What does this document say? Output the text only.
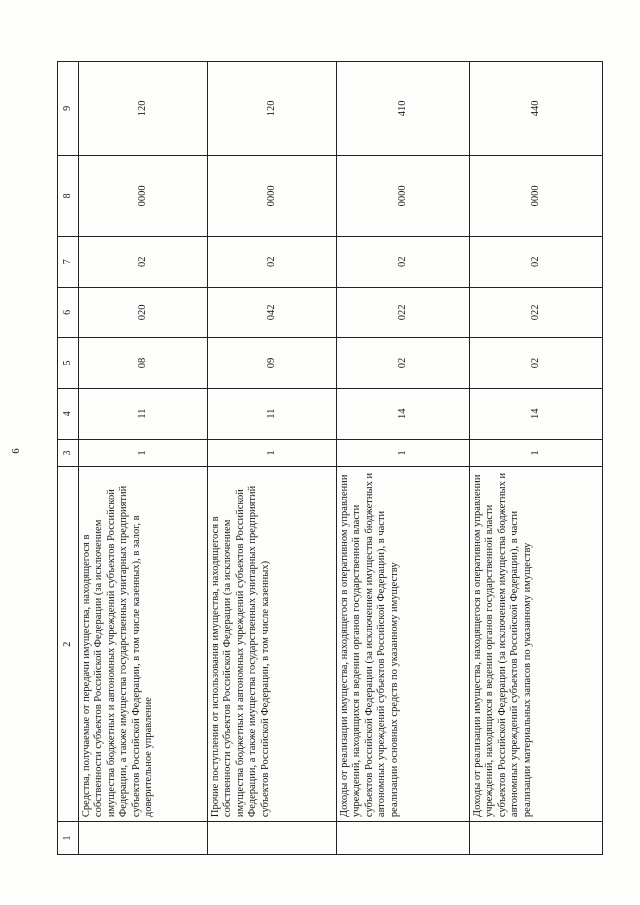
6
1	2	3	4	5	6	7	8	9
	Средства, получаемые от передачи имущества, находящегося в собственности субъектов Российской Федерации (за исключением имущества бюджетных и автономных учреждений субъектов Российской Федерации, а также имущества государственных унитарных предприятий субъектов Российской Федерации, в том числе казенных), в залог, в доверительное управление	1	11	08	020	02	0000	120
	Прочие поступления от использования имущества, находящегося в собственности субъектов Российской Федерации (за исключением имущества бюджетных и автономных учреждений субъектов Российской Федерации, а также имущества государственных унитарных предприятий субъектов Российской Федерации, в том числе казенных)	1	11	09	042	02	0000	120
	Доходы от реализации имущества, находящегося в оперативном управлении учреждений, находящихся в ведении органов государственной власти субъектов Российской Федерации (за исключением имущества бюджетных и автономных учреждений субъектов Российской Федерации), в части реализации основных средств по указанному имуществу	1	14	02	022	02	0000	410
	Доходы от реализации имущества, находящегося в оперативном управлении учреждений, находящихся в ведении органов государственной власти субъектов Российской Федерации (за исключением имущества бюджетных и автономных учреждений субъектов Российской Федерации), в части реализации материальных запасов по указанному имуществу	1	14	02	022	02	0000	440
